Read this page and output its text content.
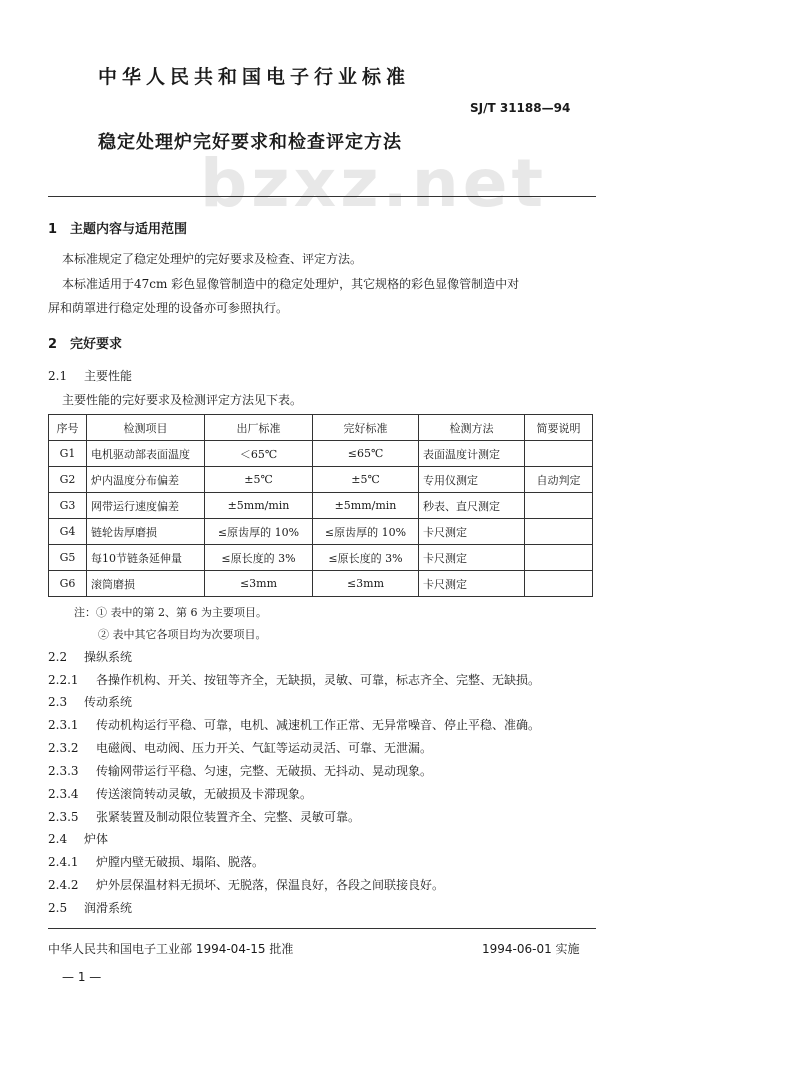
中华人民共和国电子行业标准
SJ/T 31188—94
bzxz.net
稳定处理炉完好要求和检查评定方法
1 主题内容与适用范围
本标准规定了稳定处理炉的完好要求及检查、评定方法。
本标准适用于47cm 彩色显像管制造中的稳定处理炉，其它规格的彩色显像管制造中对
屏和荫罩进行稳定处理的设备亦可参照执行。
2 完好要求
2.1 主要性能
主要性能的完好要求及检测评定方法见下表。
序号	检测项目	出厂标准	完好标准	检测方法	简要说明
G1	电机驱动部表面温度	＜65℃	≤65℃	表面温度计测定	
G2	炉内温度分布偏差	±5℃	±5℃	专用仪测定	自动判定
G3	网带运行速度偏差	±5mm/min	±5mm/min	秒表、直尺测定	
G4	链轮齿厚磨损	≤原齿厚的 10%	≤原齿厚的 10%	卡尺测定	
G5	每10节链条延伸量	≤原长度的 3%	≤原长度的 3%	卡尺测定	
G6	滚筒磨损	≤3mm	≤3mm	卡尺测定	
注：① 表中的第 2、第 6 为主要项目。
② 表中其它各项目均为次要项目。
2.2 操纵系统
2.2.1 各操作机构、开关、按钮等齐全，无缺损，灵敏、可靠，标志齐全、完整、无缺损。
2.3 传动系统
2.3.1 传动机构运行平稳、可靠，电机、减速机工作正常、无异常噪音、停止平稳、准确。
2.3.2 电磁阀、电动阀、压力开关、气缸等运动灵活、可靠、无泄漏。
2.3.3 传输网带运行平稳、匀速，完整、无破损、无抖动、晃动现象。
2.3.4 传送滚筒转动灵敏，无破损及卡滞现象。
2.3.5 张紧装置及制动限位装置齐全、完整、灵敏可靠。
2.4 炉体
2.4.1 炉膛内壁无破损、塌陷、脱落。
2.4.2 炉外层保温材料无损坏、无脱落，保温良好，各段之间联接良好。
2.5 润滑系统
中华人民共和国电子工业部 1994-04-15 批准	1994-06-01 实施
— 1 —
